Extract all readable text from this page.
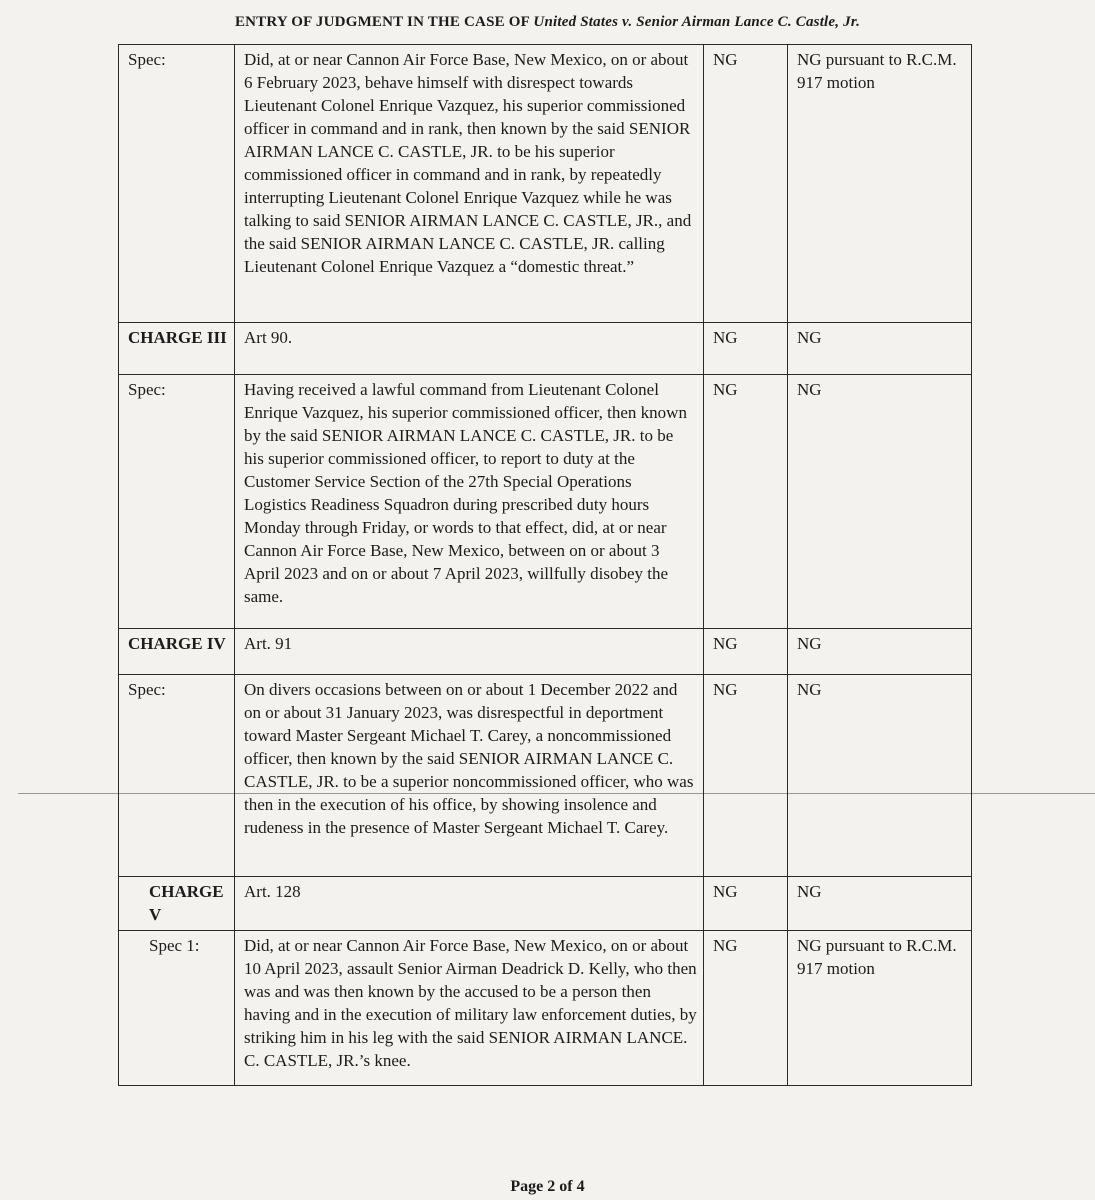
ENTRY OF JUDGMENT IN THE CASE OF United States v. Senior Airman Lance C. Castle, Jr.
Spec:	Did, at or near Cannon Air Force Base, New Mexico, on or about 6 February 2023, behave himself with disrespect towards Lieutenant Colonel Enrique Vazquez, his superior commissioned officer in command and in rank, then known by the said SENIOR AIRMAN LANCE C. CASTLE, JR. to be his superior commissioned officer in command and in rank, by repeatedly interrupting Lieutenant Colonel Enrique Vazquez while he was talking to said SENIOR AIRMAN LANCE C. CASTLE, JR., and the said SENIOR AIRMAN LANCE C. CASTLE, JR. calling Lieutenant Colonel Enrique Vazquez a “domestic threat.”	NG	NG pursuant to R.C.M. 917 motion
CHARGE III	Art 90.	NG	NG
Spec:	Having received a lawful command from Lieutenant Colonel Enrique Vazquez, his superior commissioned officer, then known by the said SENIOR AIRMAN LANCE C. CASTLE, JR. to be his superior commissioned officer, to report to duty at the Customer Service Section of the 27th Special Operations Logistics Readiness Squadron during prescribed duty hours Monday through Friday, or words to that effect, did, at or near Cannon Air Force Base, New Mexico, between on or about 3 April 2023 and on or about 7 April 2023, willfully disobey the same.	NG	NG
CHARGE IV	Art. 91	NG	NG
Spec:	On divers occasions between on or about 1 December 2022 and on or about 31 January 2023, was disrespectful in deportment toward Master Sergeant Michael T. Carey, a noncommissioned officer, then known by the said SENIOR AIRMAN LANCE C. CASTLE, JR. to be a superior noncommissioned officer, who was then in the execution of his office, by showing insolence and rudeness in the presence of Master Sergeant Michael T. Carey.	NG	NG
CHARGE V	Art. 128	NG	NG
Spec 1:	Did, at or near Cannon Air Force Base, New Mexico, on or about 10 April 2023, assault Senior Airman Deadrick D. Kelly, who then was and was then known by the accused to be a person then having and in the execution of military law enforcement duties, by striking him in his leg with the said SENIOR AIRMAN LANCE. C. CASTLE, JR.’s knee.	NG	NG pursuant to R.C.M. 917 motion
Page 2 of 4
